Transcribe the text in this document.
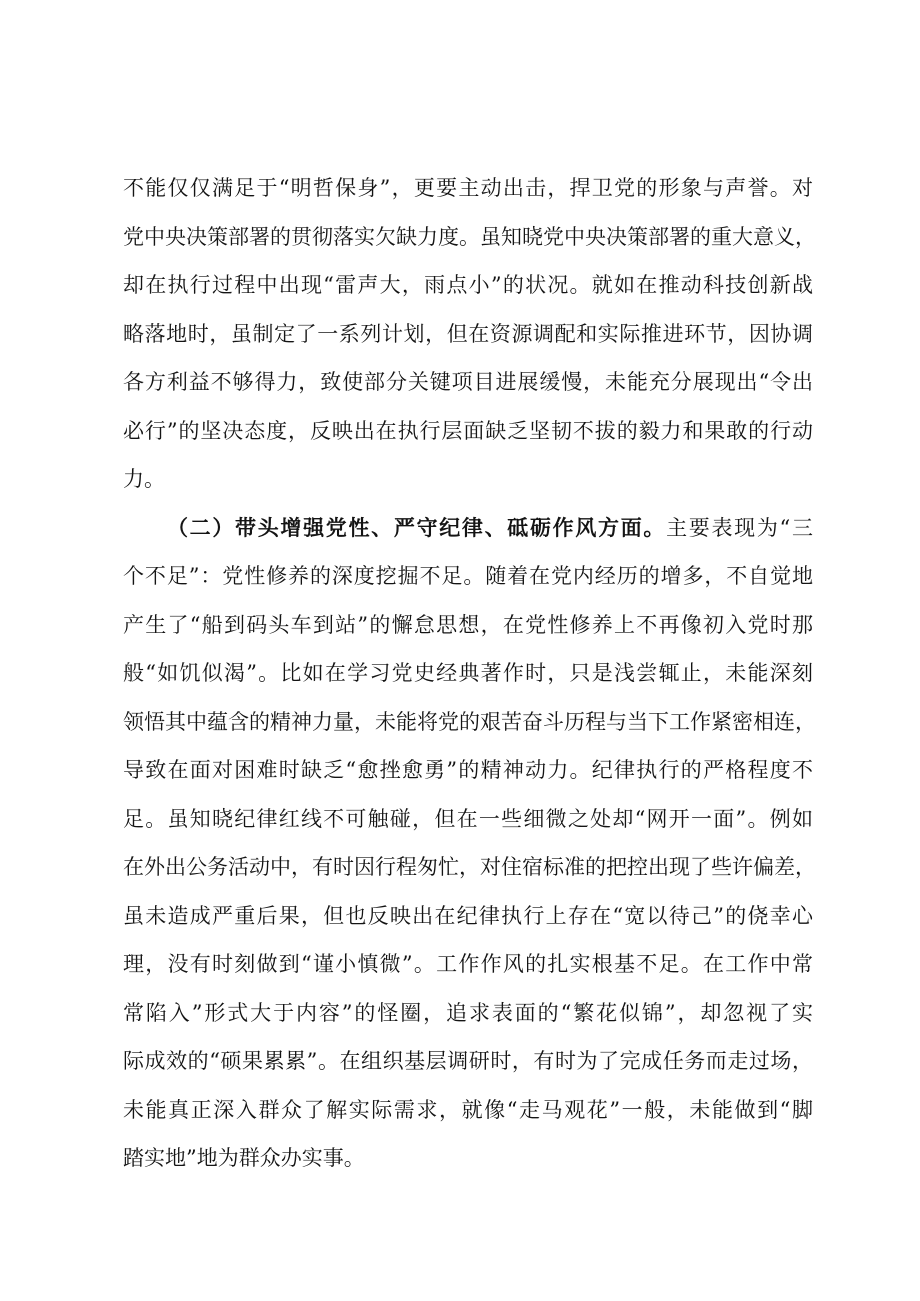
不能仅仅满足于“明哲保身”，更要主动出击，捍卫党的形象与声誉。对
党中央决策部署的贯彻落实欠缺力度。虽知晓党中央决策部署的重大意义，
却在执行过程中出现“雷声大，雨点小”的状况。就如在推动科技创新战
略落地时，虽制定了一系列计划，但在资源调配和实际推进环节，因协调
各方利益不够得力，致使部分关键项目进展缓慢，未能充分展现出“令出
必行”的坚决态度，反映出在执行层面缺乏坚韧不拔的毅力和果敢的行动
力。
（二）带头增强党性、严守纪律、砥砺作风方面。主要表现为“三
个不足”：党性修养的深度挖掘不足。随着在党内经历的增多，不自觉地
产生了“船到码头车到站”的懈怠思想，在党性修养上不再像初入党时那
般“如饥似渴”。比如在学习党史经典著作时，只是浅尝辄止，未能深刻
领悟其中蕴含的精神力量，未能将党的艰苦奋斗历程与当下工作紧密相连，
导致在面对困难时缺乏“愈挫愈勇”的精神动力。纪律执行的严格程度不
足。虽知晓纪律红线不可触碰，但在一些细微之处却“网开一面”。例如
在外出公务活动中，有时因行程匆忙，对住宿标准的把控出现了些许偏差，
虽未造成严重后果，但也反映出在纪律执行上存在“宽以待己”的侥幸心
理，没有时刻做到“谨小慎微”。工作作风的扎实根基不足。在工作中常
常陷入”形式大于内容”的怪圈，追求表面的“繁花似锦”，却忽视了实
际成效的“硕果累累”。在组织基层调研时，有时为了完成任务而走过场，
未能真正深入群众了解实际需求，就像“走马观花”一般，未能做到“脚
踏实地”地为群众办实事。
